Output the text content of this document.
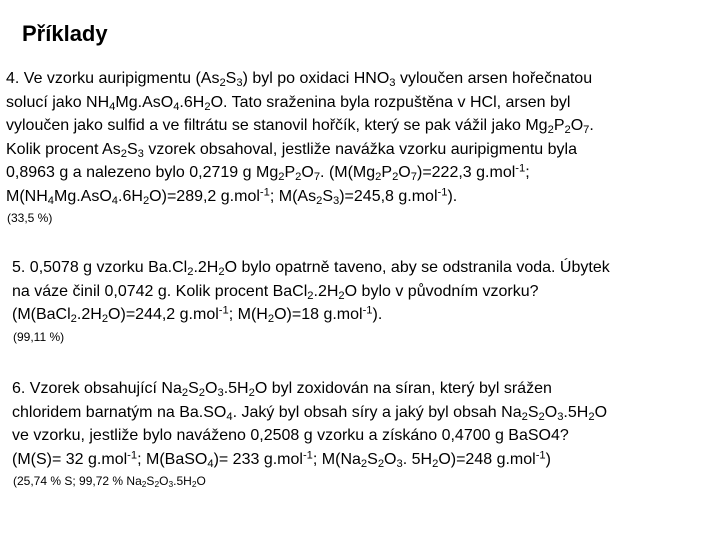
Příklady
4. Ve vzorku auripigmentu $(As_2S_3)$ byl po oxidaci $HNO_3$ vyloučen arsen hořečnatou
solucí jako $NH_4Mg.AsO_4.6H_2O$. Tato sraženina byla rozpuštěna v HCl, arsen byl
vyloučen jako sulfid a ve filtrátu se stanovil hořčík, který se pak vážil jako $Mg_2P_2O_7$.
Kolik procent $As_2S_3$ vzorek obsahoval, jestliže navážka vzorku auripigmentu byla
0,8963 g a nalezeno bylo 0,2719 g $Mg_2P_2O_7$. ($M(Mg_2P_2O_7)=222,3$ g.mol$^{-1}$;
$M(NH_4Mg.AsO_4.6H_2O)=289,2$ g.mol$^{-1}$; $M(As_2S_3)=245,8$ g.mol$^{-1}$).
(33,5 %)
5. 0,5078 g vzorku $Ba.Cl_2.2H_2O$ bylo opatrně taveno, aby se odstranila voda. Úbytek
na váze činil 0,0742 g. Kolik procent $BaCl_2.2H_2O$ bylo v původním vzorku?
($M(BaCl_2.2H_2O)=244,2$ g.mol$^{-1}$; $M(H_2O)=18$ g.mol$^{-1}$).
(99,11 %)
6. Vzorek obsahující $Na_2S_2O_3.5H_2O$ byl zoxidován na síran, který byl srážen
chloridem barnatým na $Ba.SO_4$. Jaký byl obsah síry a jaký byl obsah $Na_2S_2O_3.5H_2O$
ve vzorku, jestliže bylo naváženo 0,2508 g vzorku a získáno 0,4700 g BaSO4?
(M(S)= 32 g.mol$^{-1}$; M(BaSO$_4$)= 233 g.mol$^{-1}$; $M(Na_2S_2O_3$. $5H_2O)=248$ g.mol$^{-1}$)
(25,74 % S; 99,72 % $Na_2S_2O_3.5H_2O$
